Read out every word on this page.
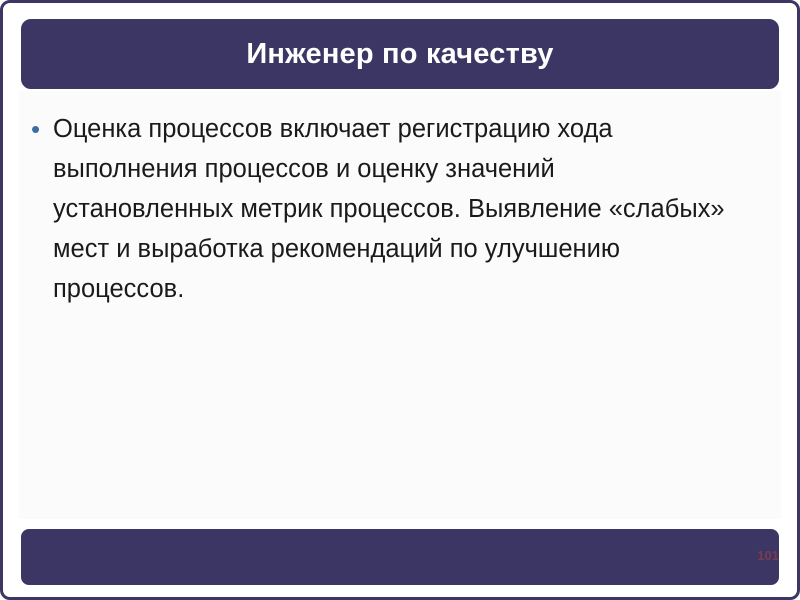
Инженер по качеству
• Оценка процессов включает регистрацию хода выполнения процессов и оценку значений установленных метрик процессов. Выявление «слабых» мест и выработка рекомендаций по улучшению процессов.
101
